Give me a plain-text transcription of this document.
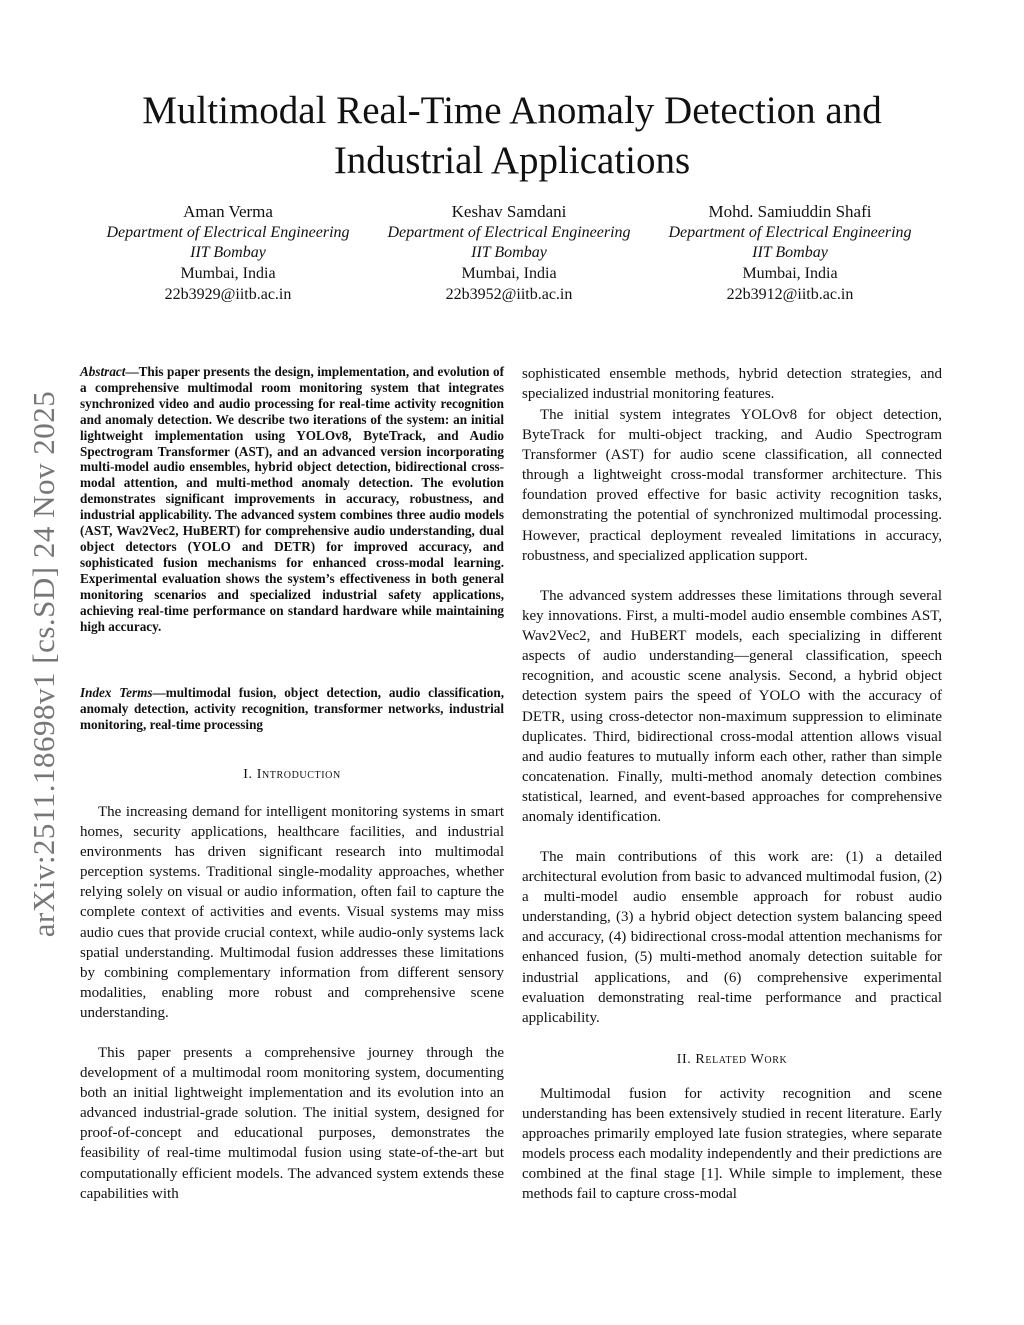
arXiv:2511.18698v1 [cs.SD] 24 Nov 2025
Multimodal Real-Time Anomaly Detection and
Industrial Applications
Aman Verma
Department of Electrical Engineering
IIT Bombay
Mumbai, India
22b3929@iitb.ac.in
Keshav Samdani
Department of Electrical Engineering
IIT Bombay
Mumbai, India
22b3952@iitb.ac.in
Mohd. Samiuddin Shafi
Department of Electrical Engineering
IIT Bombay
Mumbai, India
22b3912@iitb.ac.in

Abstract—This paper presents the design, implementation, and evolution of a comprehensive multimodal room monitoring system that integrates synchronized video and audio processing for real-time activity recognition and anomaly detection. We describe two iterations of the system: an initial lightweight implementation using YOLOv8, ByteTrack, and Audio Spectrogram Transformer (AST), and an advanced version incorporating multi-model audio ensembles, hybrid object detection, bidirectional cross-modal attention, and multi-method anomaly detection. The evolution demonstrates significant improvements in accuracy, robustness, and industrial applicability. The advanced system combines three audio models (AST, Wav2Vec2, HuBERT) for comprehensive audio understanding, dual object detectors (YOLO and DETR) for improved accuracy, and sophisticated fusion mechanisms for enhanced cross-modal learning. Experimental evaluation shows the system’s effectiveness in both general monitoring scenarios and specialized industrial safety applications, achieving real-time performance on standard hardware while maintaining high accuracy.

Index Terms—multimodal fusion, object detection, audio classification, anomaly detection, activity recognition, transformer networks, industrial monitoring, real-time processing

I. Introduction

The increasing demand for intelligent monitoring systems in smart homes, security applications, healthcare facilities, and industrial environments has driven significant research into multimodal perception systems. Traditional single-modality approaches, whether relying solely on visual or audio information, often fail to capture the complete context of activities and events. Visual systems may miss audio cues that provide crucial context, while audio-only systems lack spatial understanding. Multimodal fusion addresses these limitations by combining complementary information from different sensory modalities, enabling more robust and comprehensive scene understanding.

This paper presents a comprehensive journey through the development of a multimodal room monitoring system, documenting both an initial lightweight implementation and its evolution into an advanced industrial-grade solution. The initial system, designed for proof-of-concept and educational purposes, demonstrates the feasibility of real-time multimodal fusion using state-of-the-art but computationally efficient models. The advanced system extends these capabilities with

sophisticated ensemble methods, hybrid detection strategies, and specialized industrial monitoring features.

The initial system integrates YOLOv8 for object detection, ByteTrack for multi-object tracking, and Audio Spectrogram Transformer (AST) for audio scene classification, all connected through a lightweight cross-modal transformer architecture. This foundation proved effective for basic activity recognition tasks, demonstrating the potential of synchronized multimodal processing. However, practical deployment revealed limitations in accuracy, robustness, and specialized application support.

The advanced system addresses these limitations through several key innovations. First, a multi-model audio ensemble combines AST, Wav2Vec2, and HuBERT models, each specializing in different aspects of audio understanding—general classification, speech recognition, and acoustic scene analysis. Second, a hybrid object detection system pairs the speed of YOLO with the accuracy of DETR, using cross-detector non-maximum suppression to eliminate duplicates. Third, bidirectional cross-modal attention allows visual and audio features to mutually inform each other, rather than simple concatenation. Finally, multi-method anomaly detection combines statistical, learned, and event-based approaches for comprehensive anomaly identification.

The main contributions of this work are: (1) a detailed architectural evolution from basic to advanced multimodal fusion, (2) a multi-model audio ensemble approach for robust audio understanding, (3) a hybrid object detection system balancing speed and accuracy, (4) bidirectional cross-modal attention mechanisms for enhanced fusion, (5) multi-method anomaly detection suitable for industrial applications, and (6) comprehensive experimental evaluation demonstrating real-time performance and practical applicability.

II. Related Work

Multimodal fusion for activity recognition and scene understanding has been extensively studied in recent literature. Early approaches primarily employed late fusion strategies, where separate models process each modality independently and their predictions are combined at the final stage [1]. While simple to implement, these methods fail to capture cross-modal
